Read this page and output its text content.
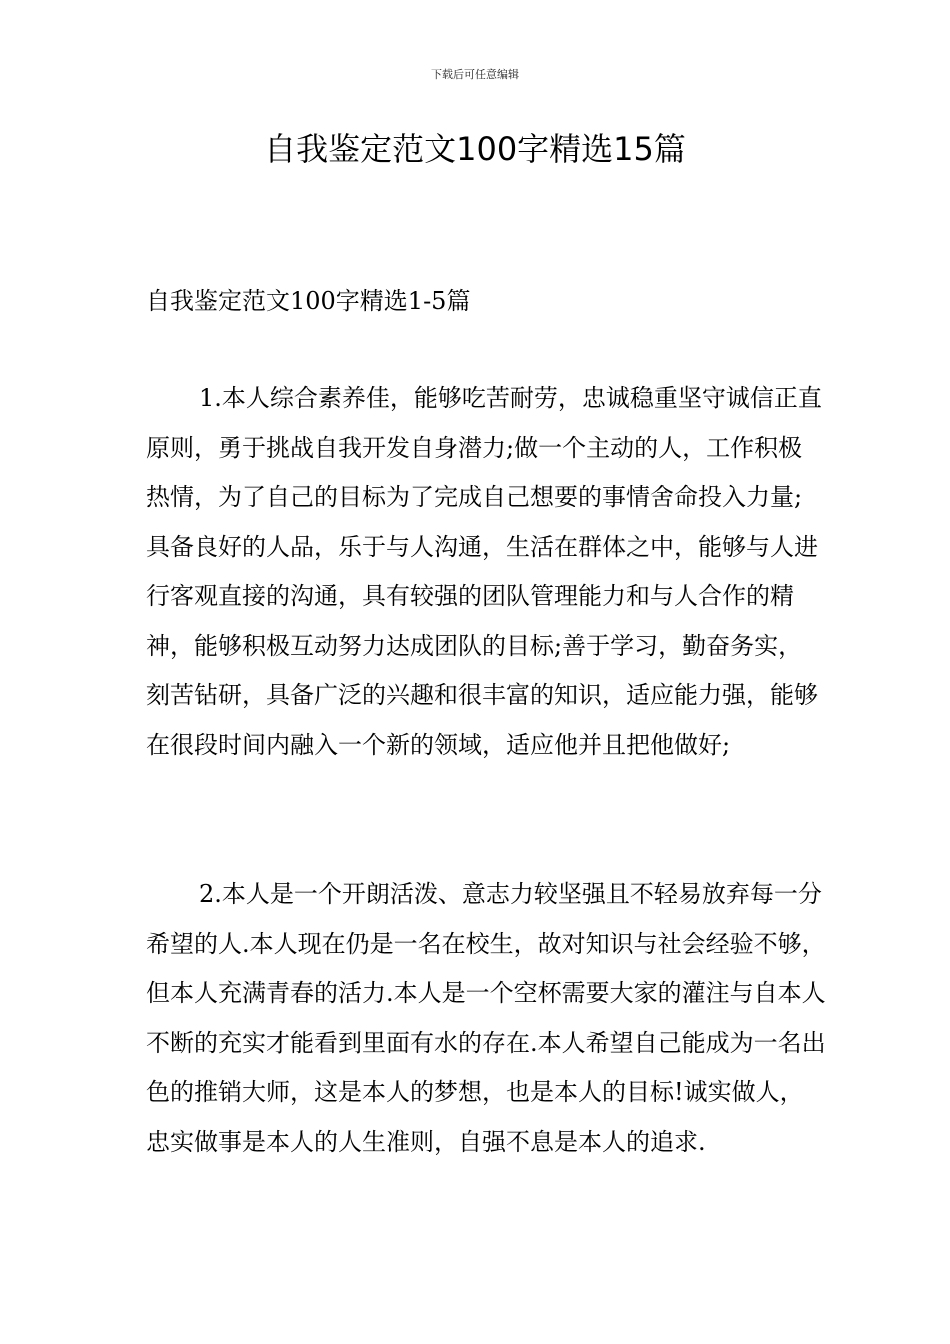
下载后可任意编辑

自我鉴定范文100字精选15篇

自我鉴定范文100字精选1-5篇

1.本人综合素养佳，能够吃苦耐劳，忠诚稳重坚守诚信正直原则，勇于挑战自我开发自身潜力;做一个主动的人，工作积极热情，为了自己的目标为了完成自己想要的事情舍命投入力量;具备良好的人品，乐于与人沟通，生活在群体之中，能够与人进行客观直接的沟通，具有较强的团队管理能力和与人合作的精神，能够积极互动努力达成团队的目标;善于学习，勤奋务实，刻苦钻研，具备广泛的兴趣和很丰富的知识，适应能力强，能够在很段时间内融入一个新的领域，适应他并且把他做好;

2.本人是一个开朗活泼、意志力较坚强且不轻易放弃每一分希望的人.本人现在仍是一名在校生，故对知识与社会经验不够，但本人充满青春的活力.本人是一个空杯需要大家的灌注与自本人不断的充实才能看到里面有水的存在.本人希望自己能成为一名出色的推销大师，这是本人的梦想，也是本人的目标!诚实做人，忠实做事是本人的人生准则，自强不息是本人的追求.
